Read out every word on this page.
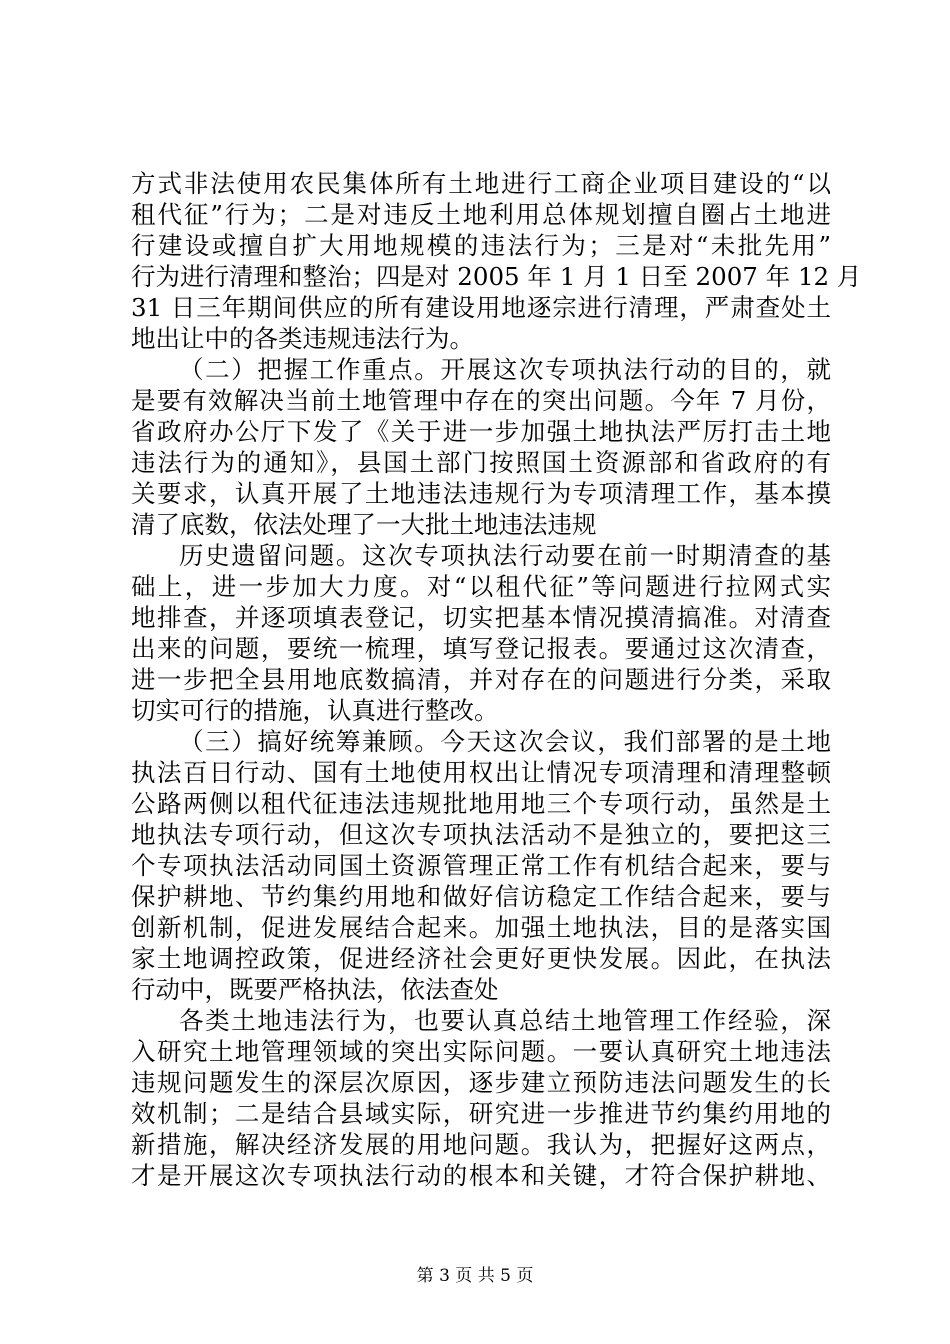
方式非法使用农民集体所有土地进行工商企业项目建设的“以
租代征”行为；二是对违反土地利用总体规划擅自圈占土地进
行建设或擅自扩大用地规模的违法行为；三是对“未批先用”
行为进行清理和整治；四是对 2005 年 1 月 1 日至 2007 年 12 月
31 日三年期间供应的所有建设用地逐宗进行清理，严肃查处土
地出让中的各类违规违法行为。
（二）把握工作重点。开展这次专项执法行动的目的，就
是要有效解决当前土地管理中存在的突出问题。今年 7 月份，
省政府办公厅下发了《关于进一步加强土地执法严厉打击土地
违法行为的通知》，县国土部门按照国土资源部和省政府的有
关要求，认真开展了土地违法违规行为专项清理工作，基本摸
清了底数，依法处理了一大批土地违法违规
历史遗留问题。这次专项执法行动要在前一时期清查的基
础上，进一步加大力度。对“以租代征”等问题进行拉网式实
地排查，并逐项填表登记，切实把基本情况摸清搞准。对清查
出来的问题，要统一梳理，填写登记报表。要通过这次清查，
进一步把全县用地底数搞清，并对存在的问题进行分类，采取
切实可行的措施，认真进行整改。
（三）搞好统筹兼顾。今天这次会议，我们部署的是土地
执法百日行动、国有土地使用权出让情况专项清理和清理整顿
公路两侧以租代征违法违规批地用地三个专项行动，虽然是土
地执法专项行动，但这次专项执法活动不是独立的，要把这三
个专项执法活动同国土资源管理正常工作有机结合起来，要与
保护耕地、节约集约用地和做好信访稳定工作结合起来，要与
创新机制，促进发展结合起来。加强土地执法，目的是落实国
家土地调控政策，促进经济社会更好更快发展。因此，在执法
行动中，既要严格执法，依法查处
各类土地违法行为，也要认真总结土地管理工作经验，深
入研究土地管理领域的突出实际问题。一要认真研究土地违法
违规问题发生的深层次原因，逐步建立预防违法问题发生的长
效机制；二是结合县域实际，研究进一步推进节约集约用地的
新措施，解决经济发展的用地问题。我认为，把握好这两点，
才是开展这次专项执法行动的根本和关键，才符合保护耕地、
第 3 页 共 5 页
